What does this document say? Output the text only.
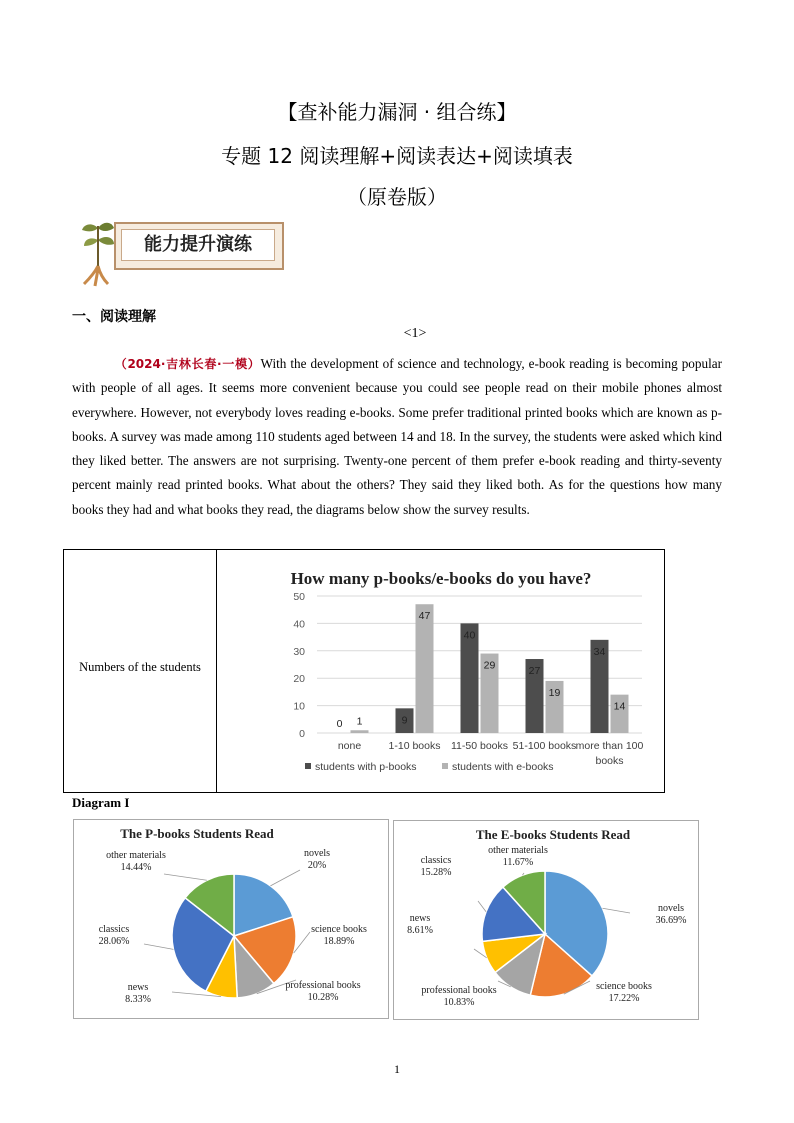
【查补能力漏洞 · 组合练】
专题 12 阅读理解+阅读表达+阅读填表
（原卷版）
能力提升演练
一、阅读理解
<1>
（2024·吉林长春·一模）With the development of science and technology, e-book reading is becoming popular with people of all ages. It seems more convenient because you could see people read on their mobile phones almost everywhere. However, not everybody loves reading e-books. Some prefer traditional printed books which are known as p-books. A survey was made among 110 students aged between 14 and 18. In the survey, the students were asked which kind they liked better. The answers are not surprising. Twenty-one percent of them prefer e-book reading and thirty-seventy percent mainly read printed books. What about the others? They said they liked both. As for the questions how many books they had and what books they read, the diagrams below show the survey results.
Numbers of the students
How many p-books/e-books do you have?
0
10
20
30
40
50
0 1
none
9
47
1-10 books
40
29
11-50 books
27
19
51-100 books
34
14
more than 100
books
students with p-books	students with e-books
Diagram I
The P-books Students Read
novels
20%
science books
18.89%
professional books
10.28%
news
8.33%
classics
28.06%
other materials
14.44%
The E-books Students Read
novels
36.69%
science books
17.22%
professional books
10.83%
news
8.61%
classics
15.28%
other materials
11.67%
1
